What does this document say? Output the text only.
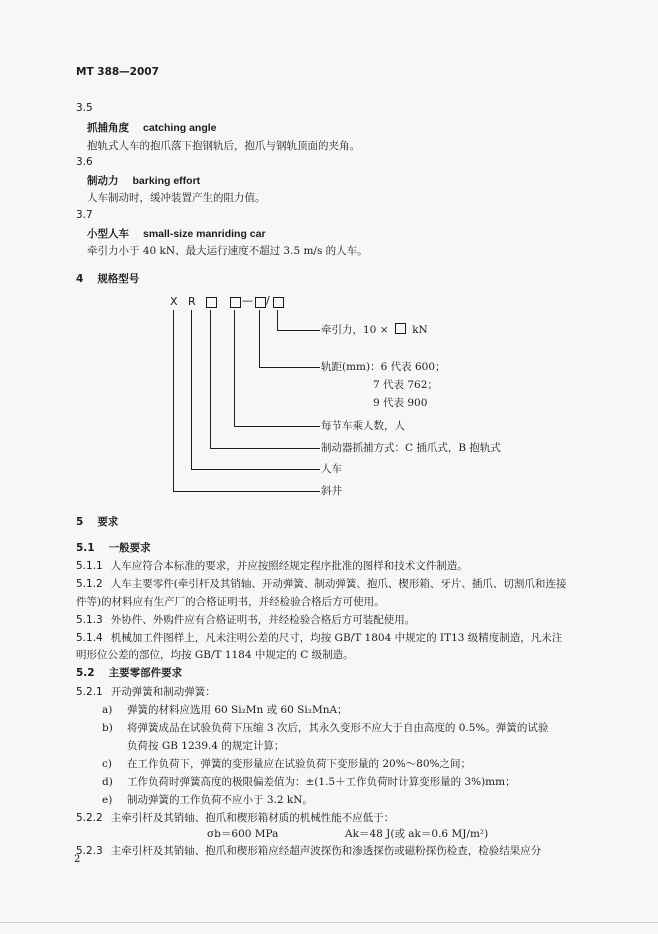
MT 388—2007
3.5
抓捕角度 catching angle
抱轨式人车的抱爪落下抱钢轨后，抱爪与钢轨顶面的夹角。
3.6
制动力 barking effort
人车制动时，缓冲装置产生的阻力值。
3.7
小型人车 small-size manriding car
牵引力小于 40 kN、最大运行速度不超过 3.5 m/s 的人车。
4 规格型号
X R	— /
牵引力，10 × kN
轨距(mm)：6 代表 600；
7 代表 762；
9 代表 900
每节车乘人数，人
制动器抓捕方式：C 插爪式，B 抱轨式
人车
斜井
5 要求
5.1 一般要求
5.1.1 人车应符合本标准的要求，并应按照经规定程序批准的图样和技术文件制造。
5.1.2 人车主要零件(牵引杆及其销轴、开动弹簧、制动弹簧、抱爪、楔形箱、牙片、插爪、切割爪和连接
件等)的材料应有生产厂的合格证明书，并经检验合格后方可使用。
5.1.3 外协件、外购件应有合格证明书，并经检验合格后方可装配使用。
5.1.4 机械加工件图样上，凡未注明公差的尺寸，均按 GB/T 1804 中规定的 IT13 级精度制造，凡未注
明形位公差的部位，均按 GB/T 1184 中规定的 C 级制造。
5.2 主要零部件要求
5.2.1 开动弹簧和制动弹簧：
a) 弹簧的材料应选用 60 Si₂Mn 或 60 Si₂MnA；
b) 将弹簧成品在试验负荷下压缩 3 次后，其永久变形不应大于自由高度的 0.5%。弹簧的试验
负荷按 GB 1239.4 的规定计算；
c) 在工作负荷下，弹簧的变形量应在试验负荷下变形量的 20%～80%之间；
d) 工作负荷时弹簧高度的极限偏差值为：±(1.5＋工作负荷时计算变形量的 3%)mm；
e) 制动弹簧的工作负荷不应小于 3.2 kN。
5.2.2 主牵引杆及其销轴、抱爪和楔形箱材质的机械性能不应低于：
σb＝600 MPa	Ak＝48 J(或 ak＝0.6 MJ/m²)
5.2.3 主牵引杆及其销轴、抱爪和楔形箱应经超声波探伤和渗透探伤或磁粉探伤检查，检验结果应分
2
